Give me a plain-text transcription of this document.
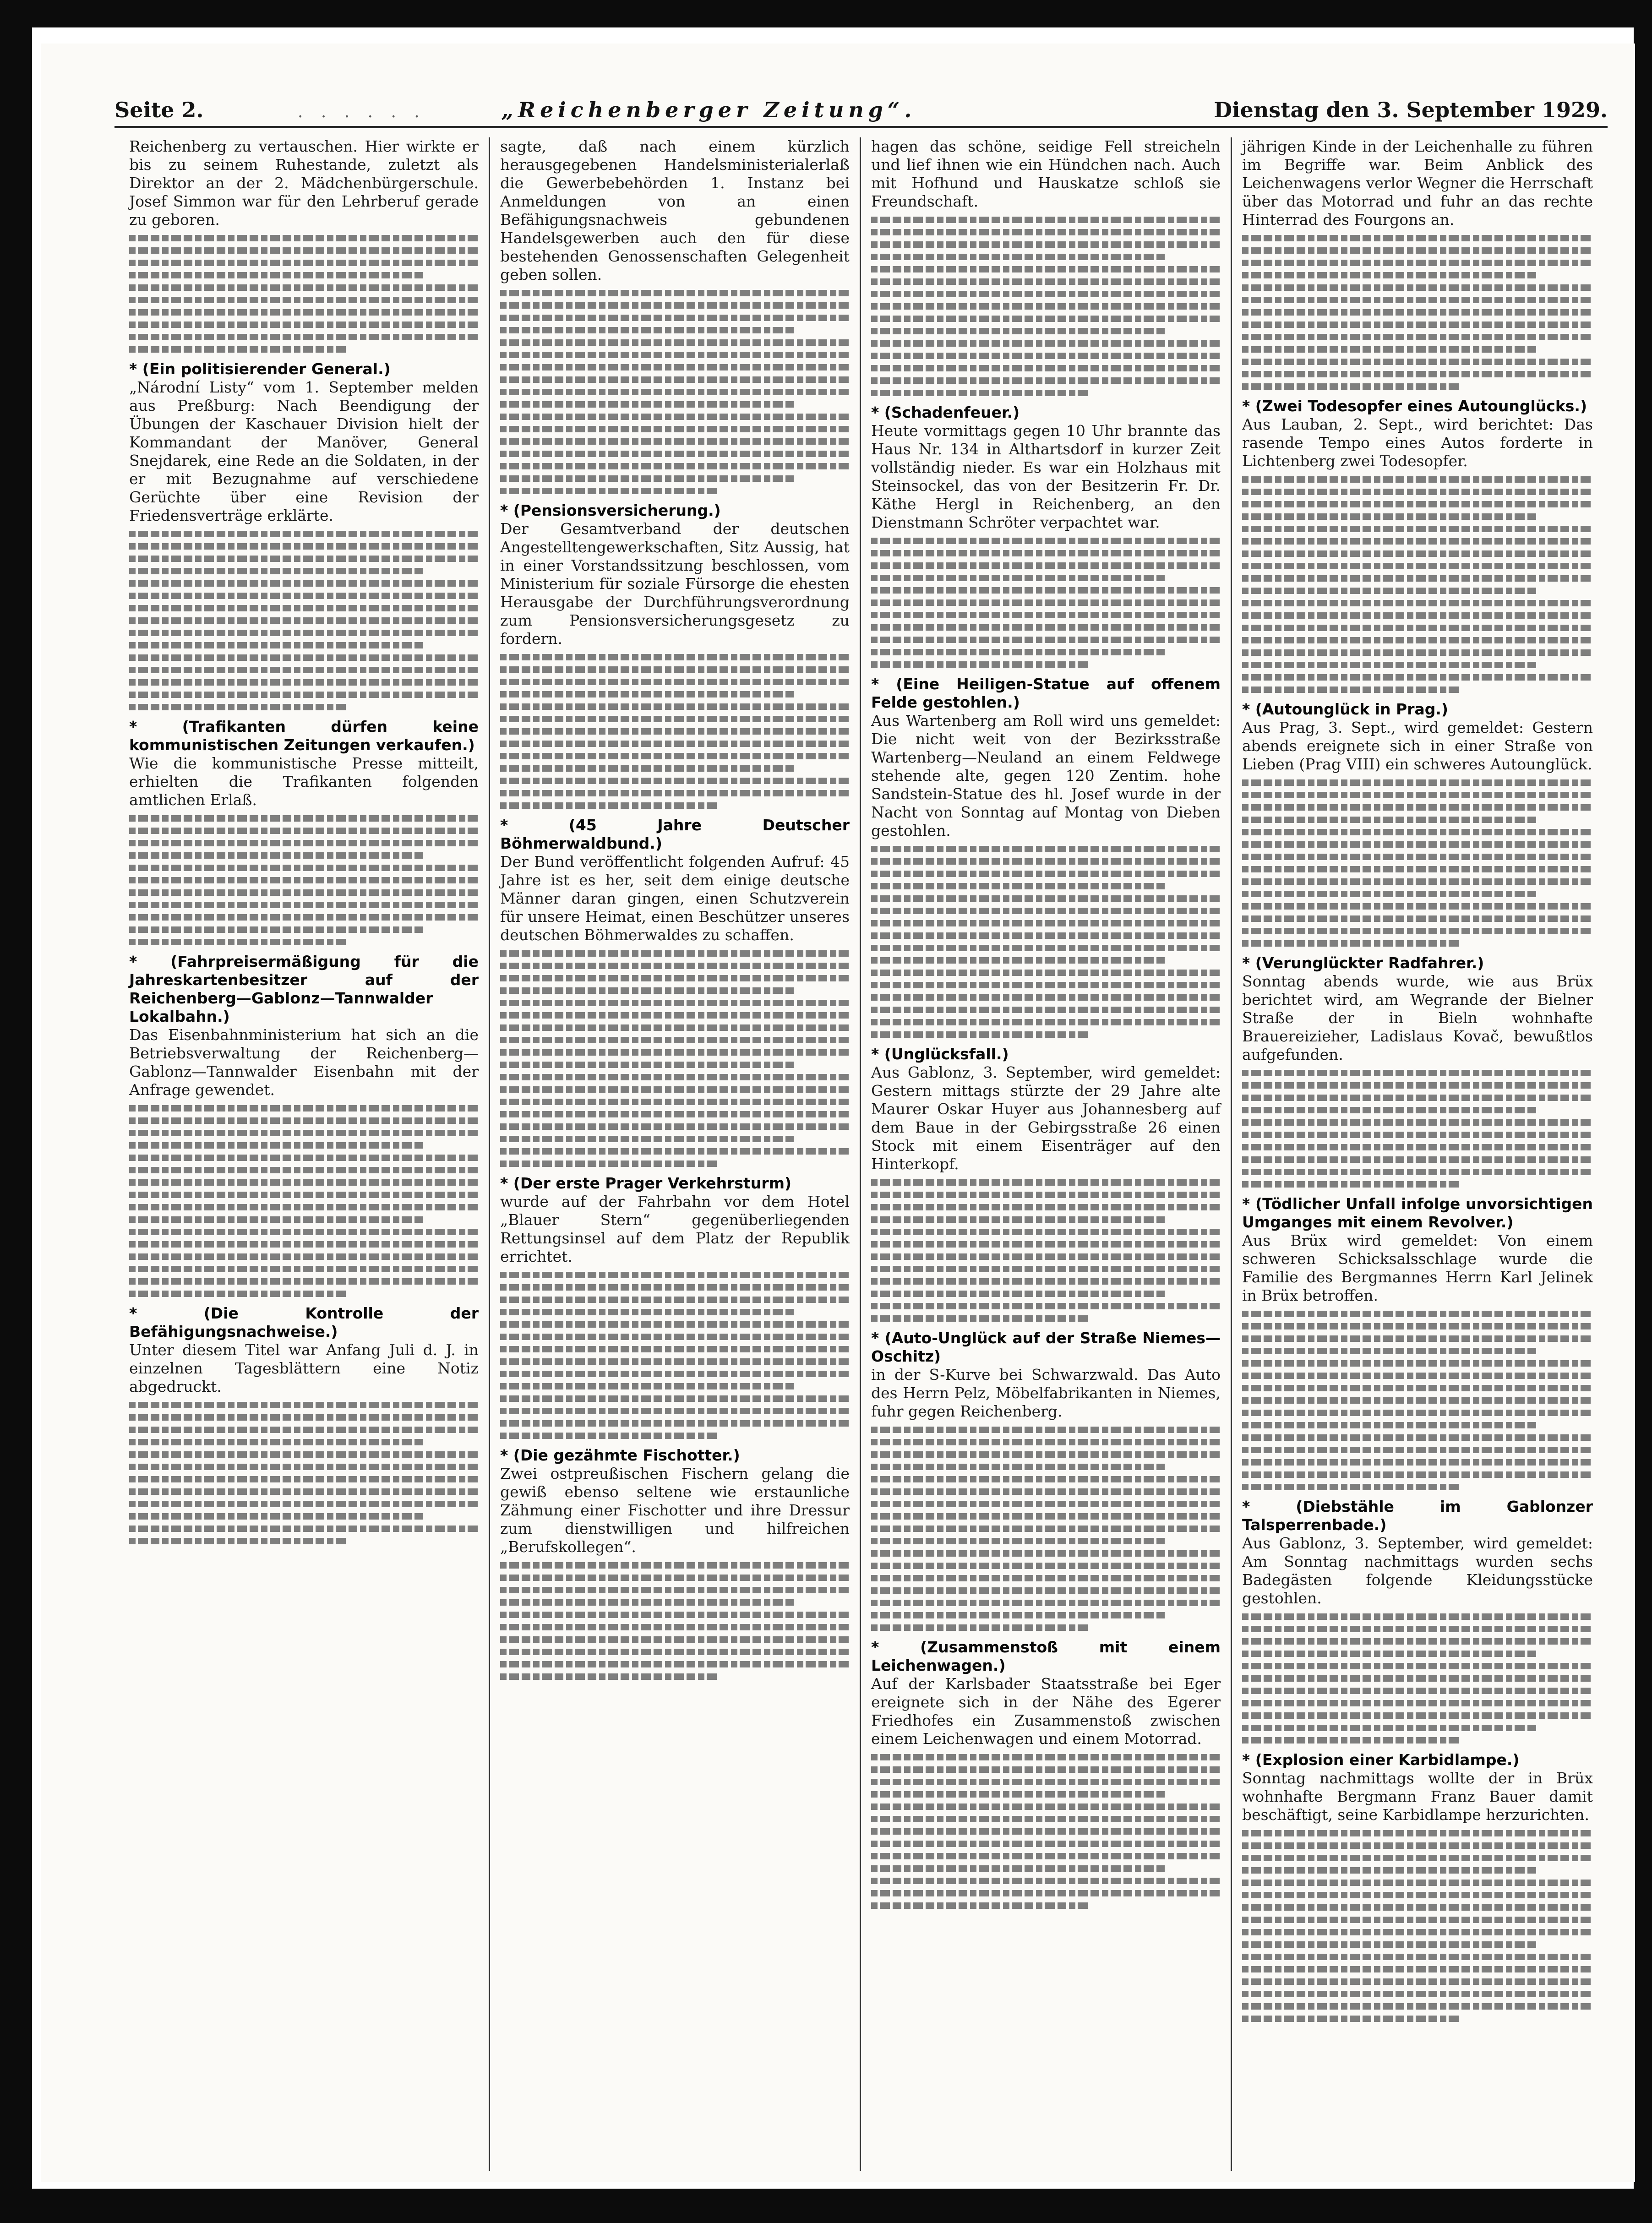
· · · · · ·
Seite 2.	„Reichenberger Zeitung“.	Dienstag den 3. September 1929.
Reichenberg zu vertauschen. Hier wirkte er bis zu seinem Ruhestande, zuletzt als Direktor an der 2. Mädchenbürgerschule. Josef Simmon war für den Lehrberuf gerade zu geboren.
* (Ein politisierender General.)
„Národní Listy“ vom 1. September melden aus Preßburg: Nach Beendigung der Übungen der Kaschauer Division hielt der Kommandant der Manöver, General Snejdarek, eine Rede an die Soldaten, in der er mit Bezugnahme auf verschiedene Gerüchte über eine Revision der Friedensverträge erklärte.
* (Trafikanten dürfen keine kommunistischen Zeitungen verkaufen.)
Wie die kommunistische Presse mitteilt, erhielten die Trafikanten folgenden amtlichen Erlaß.
* (Fahrpreisermäßigung für die Jahreskartenbesitzer auf der Reichenberg—Gablonz—Tannwalder Lokalbahn.)
Das Eisenbahnministerium hat sich an die Betriebsverwaltung der Reichenberg—Gablonz—Tannwalder Eisenbahn mit der Anfrage gewendet.
* (Die Kontrolle der Befähigungsnachweise.)
Unter diesem Titel war Anfang Juli d. J. in einzelnen Tagesblättern eine Notiz abgedruckt.
sagte, daß nach einem kürzlich herausgegebenen Handelsministerialerlaß die Gewerbebehörden 1. Instanz bei Anmeldungen von an einen Befähigungsnachweis gebundenen Handelsgewerben auch den für diese bestehenden Genossenschaften Gelegenheit geben sollen.
* (Pensionsversicherung.)
Der Gesamtverband der deutschen Angestelltengewerkschaften, Sitz Aussig, hat in einer Vorstandssitzung beschlossen, vom Ministerium für soziale Fürsorge die ehesten Herausgabe der Durchführungsverordnung zum Pensionsversicherungsgesetz zu fordern.
* (45 Jahre Deutscher Böhmerwaldbund.)
Der Bund veröffentlicht folgenden Aufruf: 45 Jahre ist es her, seit dem einige deutsche Männer daran gingen, einen Schutzverein für unsere Heimat, einen Beschützer unseres deutschen Böhmerwaldes zu schaffen.
* (Der erste Prager Verkehrsturm)
wurde auf der Fahrbahn vor dem Hotel „Blauer Stern“ gegenüberliegenden Rettungsinsel auf dem Platz der Republik errichtet.
* (Die gezähmte Fischotter.)
Zwei ostpreußischen Fischern gelang die gewiß ebenso seltene wie erstaunliche Zähmung einer Fischotter und ihre Dressur zum dienstwilligen und hilfreichen „Berufskollegen“.
hagen das schöne, seidige Fell streicheln und lief ihnen wie ein Hündchen nach. Auch mit Hofhund und Hauskatze schloß sie Freundschaft.
* (Schadenfeuer.)
Heute vormittags gegen 10 Uhr brannte das Haus Nr. 134 in Althartsdorf in kurzer Zeit vollständig nieder. Es war ein Holzhaus mit Steinsockel, das von der Besitzerin Fr. Dr. Käthe Hergl in Reichenberg, an den Dienstmann Schröter verpachtet war.
* (Eine Heiligen-Statue auf offenem Felde gestohlen.)
Aus Wartenberg am Roll wird uns gemeldet: Die nicht weit von der Bezirksstraße Wartenberg—Neuland an einem Feldwege stehende alte, gegen 120 Zentim. hohe Sandstein-Statue des hl. Josef wurde in der Nacht von Sonntag auf Montag von Dieben gestohlen.
* (Unglücksfall.)
Aus Gablonz, 3. September, wird gemeldet: Gestern mittags stürzte der 29 Jahre alte Maurer Oskar Huyer aus Johannesberg auf dem Baue in der Gebirgsstraße 26 einen Stock mit einem Eisenträger auf den Hinterkopf.
* (Auto-Unglück auf der Straße Niemes—Oschitz)
in der S-Kurve bei Schwarzwald. Das Auto des Herrn Pelz, Möbelfabrikanten in Niemes, fuhr gegen Reichenberg.
* (Zusammenstoß mit einem Leichenwagen.)
Auf der Karlsbader Staatsstraße bei Eger ereignete sich in der Nähe des Egerer Friedhofes ein Zusammenstoß zwischen einem Leichenwagen und einem Motorrad.
jährigen Kinde in der Leichenhalle zu führen im Begriffe war. Beim Anblick des Leichenwagens verlor Wegner die Herrschaft über das Motorrad und fuhr an das rechte Hinterrad des Fourgons an.
* (Zwei Todesopfer eines Autounglücks.)
Aus Lauban, 2. Sept., wird berichtet: Das rasende Tempo eines Autos forderte in Lichtenberg zwei Todesopfer.
* (Autounglück in Prag.)
Aus Prag, 3. Sept., wird gemeldet: Gestern abends ereignete sich in einer Straße von Lieben (Prag VIII) ein schweres Autounglück.
* (Verunglückter Radfahrer.)
Sonntag abends wurde, wie aus Brüx berichtet wird, am Wegrande der Bielner Straße der in Bieln wohnhafte Brauereizieher, Ladislaus Kovač, bewußtlos aufgefunden.
* (Tödlicher Unfall infolge unvorsichtigen Umganges mit einem Revolver.)
Aus Brüx wird gemeldet: Von einem schweren Schicksalsschlage wurde die Familie des Bergmannes Herrn Karl Jelinek in Brüx betroffen.
* (Diebstähle im Gablonzer Talsperrenbade.)
Aus Gablonz, 3. September, wird gemeldet: Am Sonntag nachmittags wurden sechs Badegästen folgende Kleidungsstücke gestohlen.
* (Explosion einer Karbidlampe.)
Sonntag nachmittags wollte der in Brüx wohnhafte Bergmann Franz Bauer damit beschäftigt, seine Karbidlampe herzurichten.
